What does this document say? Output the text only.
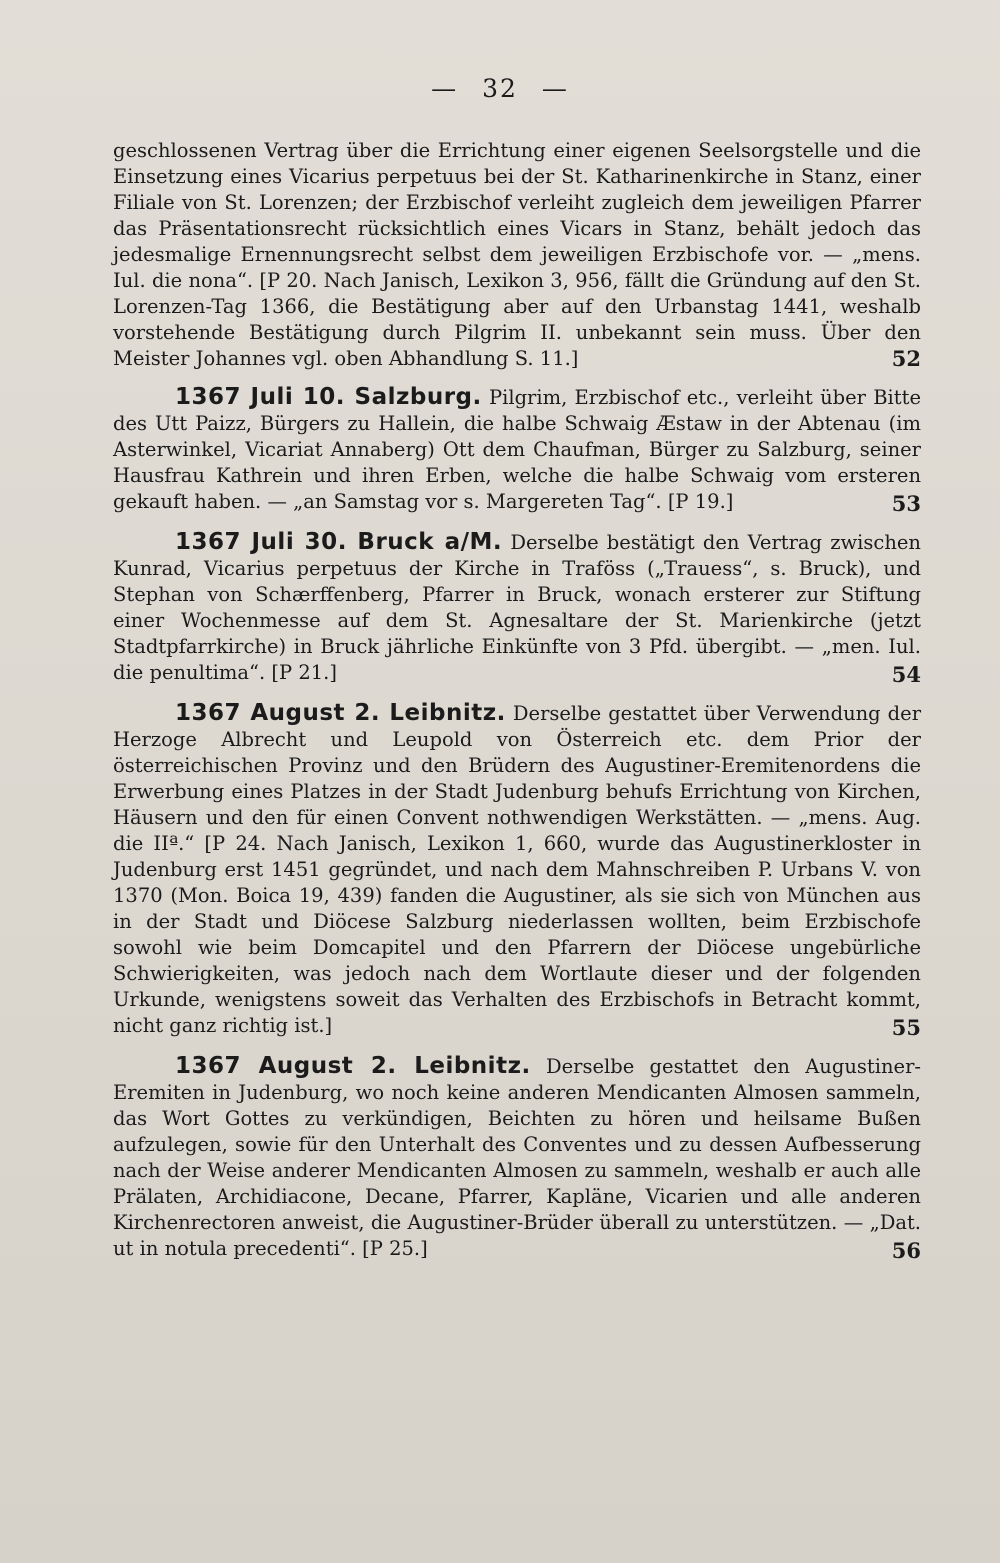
— 32 —

geschlossenen Vertrag über die Errichtung einer eigenen Seelsorgstelle und die Einsetzung eines Vicarius perpetuus bei der St. Katharinenkirche in Stanz, einer Filiale von St. Lorenzen; der Erzbischof verleiht zugleich dem jeweiligen Pfarrer das Präsentationsrecht rücksichtlich eines Vicars in Stanz, behält jedoch das jedesmalige Ernennungsrecht selbst dem jeweiligen Erzbischofe vor. — „mens. Iul. die nona“. [P 20. Nach Janisch, Lexikon 3, 956, fällt die Gründung auf den St. Lorenzen-Tag 1366, die Bestätigung aber auf den Urbanstag 1441, weshalb vorstehende Bestätigung durch Pilgrim II. unbekannt sein muss. Über den Meister Johannes vgl. oben Abhandlung S. 11.]	52

1367 Juli 10. Salzburg. Pilgrim, Erzbischof etc., verleiht über Bitte des Utt Paizz, Bürgers zu Hallein, die halbe Schwaig Æstaw in der Abtenau (im Asterwinkel, Vicariat Annaberg) Ott dem Chaufman, Bürger zu Salzburg, seiner Hausfrau Kathrein und ihren Erben, welche die halbe Schwaig vom ersteren gekauft haben. — „an Samstag vor s. Margereten Tag“. [P 19.]	53

1367 Juli 30. Bruck a/M. Derselbe bestätigt den Vertrag zwischen Kunrad, Vicarius perpetuus der Kirche in Traföss („Trauess“, s. Bruck), und Stephan von Schærffenberg, Pfarrer in Bruck, wonach ersterer zur Stiftung einer Wochenmesse auf dem St. Agnesaltare der St. Marienkirche (jetzt Stadtpfarrkirche) in Bruck jährliche Einkünfte von 3 Pfd. übergibt. — „men. Iul. die penultima“. [P 21.]	54

1367 August 2. Leibnitz. Derselbe gestattet über Verwendung der Herzoge Albrecht und Leupold von Österreich etc. dem Prior der österreichischen Provinz und den Brüdern des Augustiner-Eremitenordens die Erwerbung eines Platzes in der Stadt Judenburg behufs Errichtung von Kirchen, Häusern und den für einen Convent nothwendigen Werkstätten. — „mens. Aug. die IIª.“ [P 24. Nach Janisch, Lexikon 1, 660, wurde das Augustinerkloster in Judenburg erst 1451 gegründet, und nach dem Mahnschreiben P. Urbans V. von 1370 (Mon. Boica 19, 439) fanden die Augustiner, als sie sich von München aus in der Stadt und Diöcese Salzburg niederlassen wollten, beim Erzbischofe sowohl wie beim Domcapitel und den Pfarrern der Diöcese ungebürliche Schwierigkeiten, was jedoch nach dem Wortlaute dieser und der folgenden Urkunde, wenigstens soweit das Verhalten des Erzbischofs in Betracht kommt, nicht ganz richtig ist.]	55

1367 August 2. Leibnitz. Derselbe gestattet den Augustiner-Eremiten in Judenburg, wo noch keine anderen Mendicanten Almosen sammeln, das Wort Gottes zu verkündigen, Beichten zu hören und heilsame Bußen aufzulegen, sowie für den Unterhalt des Conventes und zu dessen Aufbesserung nach der Weise anderer Mendicanten Almosen zu sammeln, weshalb er auch alle Prälaten, Archidiacone, Decane, Pfarrer, Kapläne, Vicarien und alle anderen Kirchenrectoren anweist, die Augustiner-Brüder überall zu unterstützen. — „Dat. ut in notula precedenti“. [P 25.]	56
